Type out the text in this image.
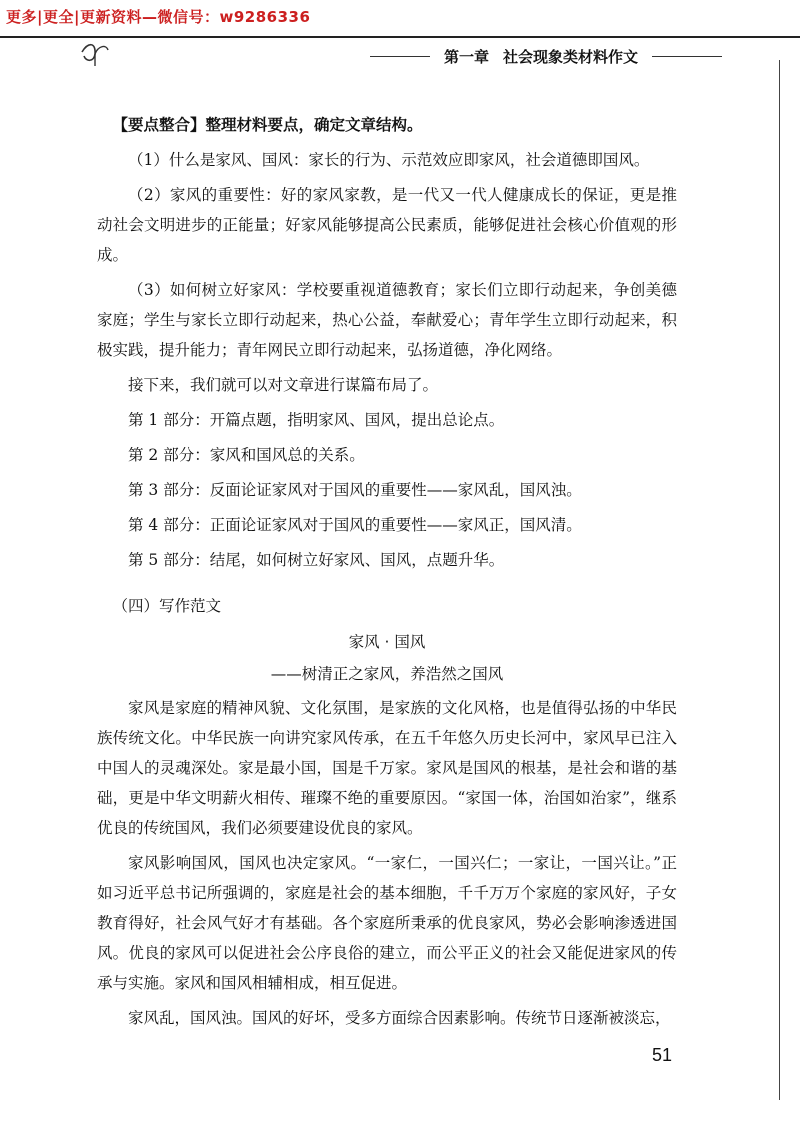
更多|更全|更新资料—微信号：w9286336
第一章 社会现象类材料作文

【要点整合】整理材料要点，确定文章结构。

（1）什么是家风、国风：家长的行为、示范效应即家风，社会道德即国风。

（2）家风的重要性：好的家风家教，是一代又一代人健康成长的保证，更是推动社会文明进步的正能量；好家风能够提高公民素质，能够促进社会核心价值观的形成。

（3）如何树立好家风：学校要重视道德教育；家长们立即行动起来，争创美德家庭；学生与家长立即行动起来，热心公益，奉献爱心；青年学生立即行动起来，积极实践，提升能力；青年网民立即行动起来，弘扬道德，净化网络。

接下来，我们就可以对文章进行谋篇布局了。

第 1 部分：开篇点题，指明家风、国风，提出总论点。

第 2 部分：家风和国风总的关系。

第 3 部分：反面论证家风对于国风的重要性——家风乱，国风浊。

第 4 部分：正面论证家风对于国风的重要性——家风正，国风清。

第 5 部分：结尾，如何树立好家风、国风，点题升华。

（四）写作范文
家风 · 国风
——树清正之家风，养浩然之国风

家风是家庭的精神风貌、文化氛围，是家族的文化风格，也是值得弘扬的中华民族传统文化。中华民族一向讲究家风传承，在五千年悠久历史长河中，家风早已注入中国人的灵魂深处。家是最小国，国是千万家。家风是国风的根基，是社会和谐的基础，更是中华文明薪火相传、璀璨不绝的重要原因。“家国一体，治国如治家”，继系优良的传统国风，我们必须要建设优良的家风。

家风影响国风，国风也决定家风。“一家仁，一国兴仁；一家让，一国兴让。”正如习近平总书记所强调的，家庭是社会的基本细胞，千千万万个家庭的家风好，子女教育得好，社会风气好才有基础。各个家庭所秉承的优良家风，势必会影响渗透进国风。优良的家风可以促进社会公序良俗的建立，而公平正义的社会又能促进家风的传承与实施。家风和国风相辅相成，相互促进。

家风乱，国风浊。国风的好坏，受多方面综合因素影响。传统节日逐渐被淡忘，

51
